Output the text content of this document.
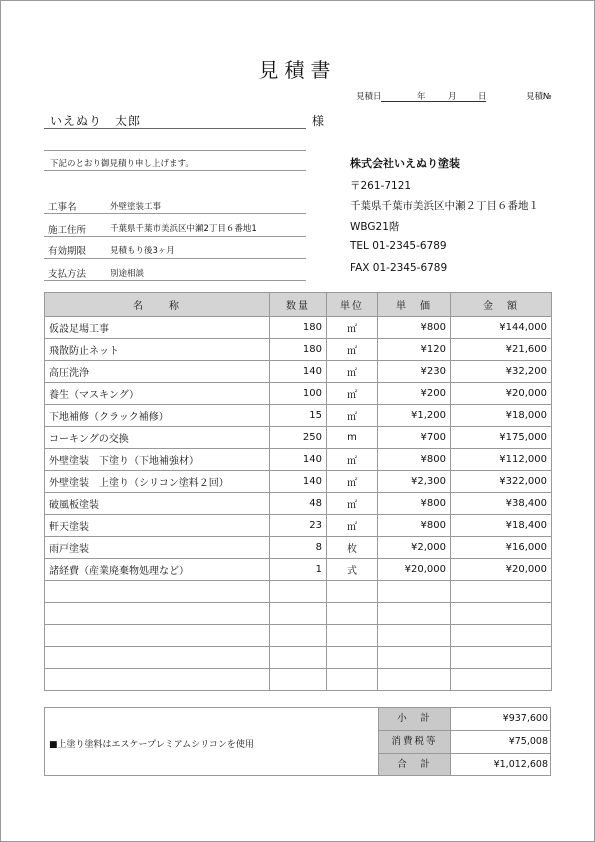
見積書
見積日	年	月	日	見積№
いえぬり　太郎	様
下記のとおり御見積り申し上げます。
工事名	外壁塗装工事
施工住所	千葉県千葉市美浜区中瀬2丁目６番地1
有効期限	見積もり後3ヶ月
支払方法	別途相談
株式会社いえぬり塗装
〒261-7121
千葉県千葉市美浜区中瀬２丁目６番地１
WBG21階
TEL 01-2345-6789
FAX 01-2345-6789
名　　称	数量	単位	単　価	金　額
仮設足場工事	180	㎡	¥800	¥144,000
飛散防止ネット	180	㎡	¥120	¥21,600
高圧洗浄	140	㎡	¥230	¥32,200
養生（マスキング）	100	㎡	¥200	¥20,000
下地補修（クラック補修）	15	㎡	¥1,200	¥18,000
コーキングの交換	250	m	¥700	¥175,000
外壁塗装　下塗り（下地補強材）	140	㎡	¥800	¥112,000
外壁塗装　上塗り（シリコン塗料２回）	140	㎡	¥2,300	¥322,000
破風板塗装	48	㎡	¥800	¥38,400
軒天塗装	23	㎡	¥800	¥18,400
雨戸塗装	8	枚	¥2,000	¥16,000
諸経費（産業廃棄物処理など）	1	式	¥20,000	¥20,000

■上塗り塗料はエスケープレミアムシリコンを使用
小　計	¥937,600
消費税等	¥75,008
合　計	¥1,012,608
